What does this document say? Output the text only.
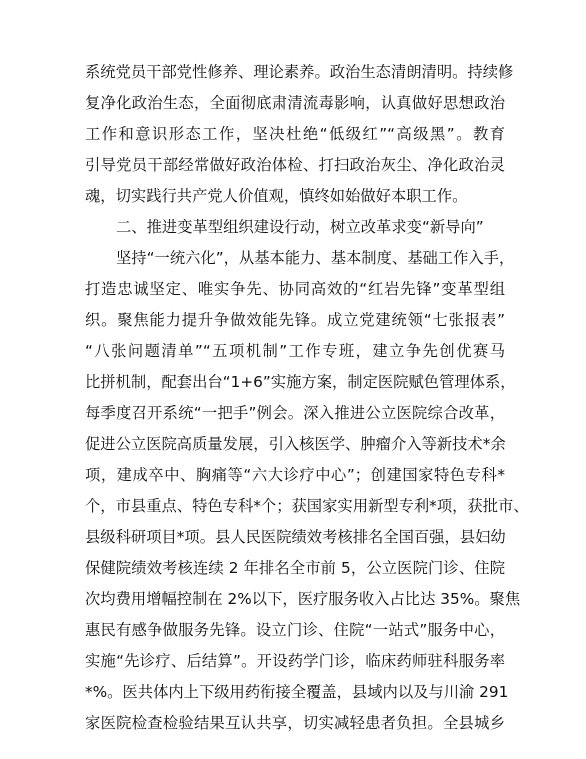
系统党员干部党性修养、理论素养。政治生态清朗清明。持续修
复净化政治生态，全面彻底肃清流毒影响，认真做好思想政治
工作和意识形态工作，坚决杜绝“低级红”“高级黑”。教育
引导党员干部经常做好政治体检、打扫政治灰尘、净化政治灵
魂，切实践行共产党人价值观，慎终如始做好本职工作。
二、推进变革型组织建设行动，树立改革求变“新导向”
坚持“一统六化”，从基本能力、基本制度、基础工作入手，
打造忠诚坚定、唯实争先、协同高效的“红岩先锋”变革型组
织。聚焦能力提升争做效能先锋。成立党建统领“七张报表”
“八张问题清单”“五项机制”工作专班，建立争先创优赛马
比拼机制，配套出台“1+6”实施方案，制定医院赋色管理体系，
每季度召开系统“一把手”例会。深入推进公立医院综合改革，
促进公立医院高质量发展，引入核医学、肿瘤介入等新技术*余
项，建成卒中、胸痛等“六大诊疗中心”；创建国家特色专科*
个，市县重点、特色专科*个；获国家实用新型专利*项，获批市、
县级科研项目*项。县人民医院绩效考核排名全国百强，县妇幼
保健院绩效考核连续 2 年排名全市前 5，公立医院门诊、住院
次均费用增幅控制在 2%以下，医疗服务收入占比达 35%。聚焦
惠民有感争做服务先锋。设立门诊、住院“一站式”服务中心，
实施“先诊疗、后结算”。开设药学门诊，临床药师驻科服务率
*%。医共体内上下级用药衔接全覆盖，县域内以及与川渝 291
家医院检查检验结果互认共享，切实减轻患者负担。全县城乡
